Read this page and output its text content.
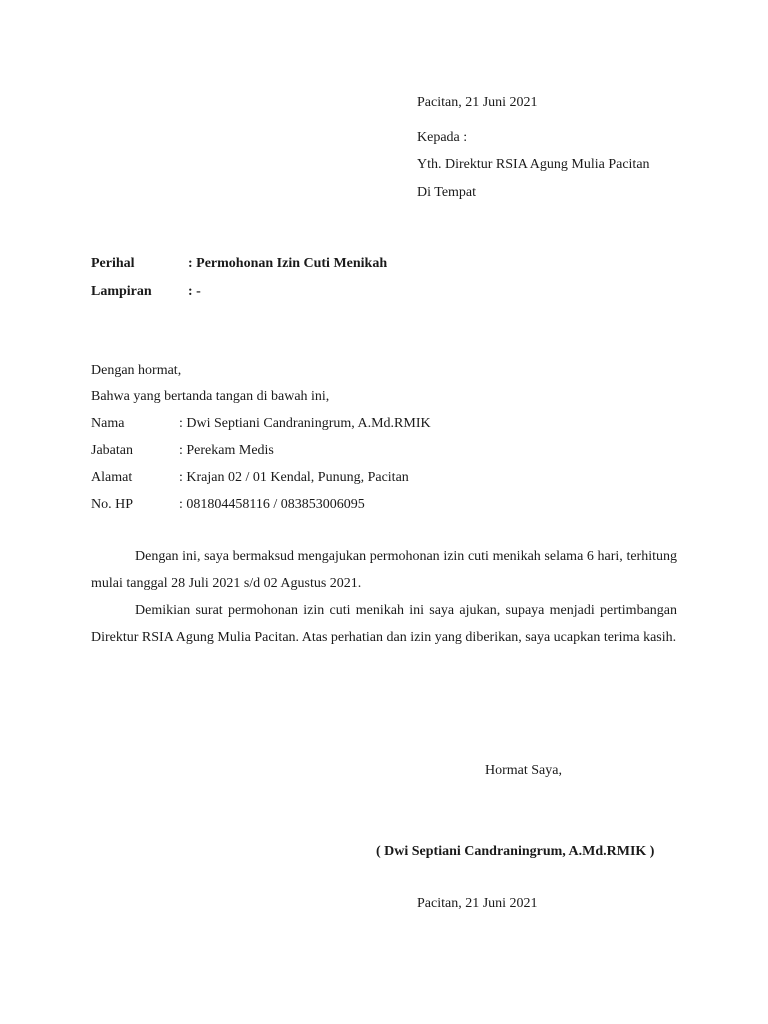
Pacitan, 21 Juni 2021
Kepada :
Yth. Direktur RSIA Agung Mulia Pacitan
Di Tempat
Perihal	: Permohonan Izin Cuti Menikah
Lampiran	: -
Dengan hormat,
Bahwa yang bertanda tangan di bawah ini,
Nama	: Dwi Septiani Candraningrum, A.Md.RMIK
Jabatan	: Perekam Medis
Alamat	: Krajan 02 / 01 Kendal, Punung, Pacitan
No. HP	: 081804458116 / 083853006095

Dengan ini, saya bermaksud mengajukan permohonan izin cuti menikah selama 6 hari, terhitung mulai tanggal 28 Juli 2021 s/d 02 Agustus 2021.

Demikian surat permohonan izin cuti menikah ini saya ajukan, supaya menjadi pertimbangan Direktur RSIA Agung Mulia Pacitan. Atas perhatian dan izin yang diberikan, saya ucapkan terima kasih.

Hormat Saya,
( Dwi Septiani Candraningrum, A.Md.RMIK )
Pacitan, 21 Juni 2021
